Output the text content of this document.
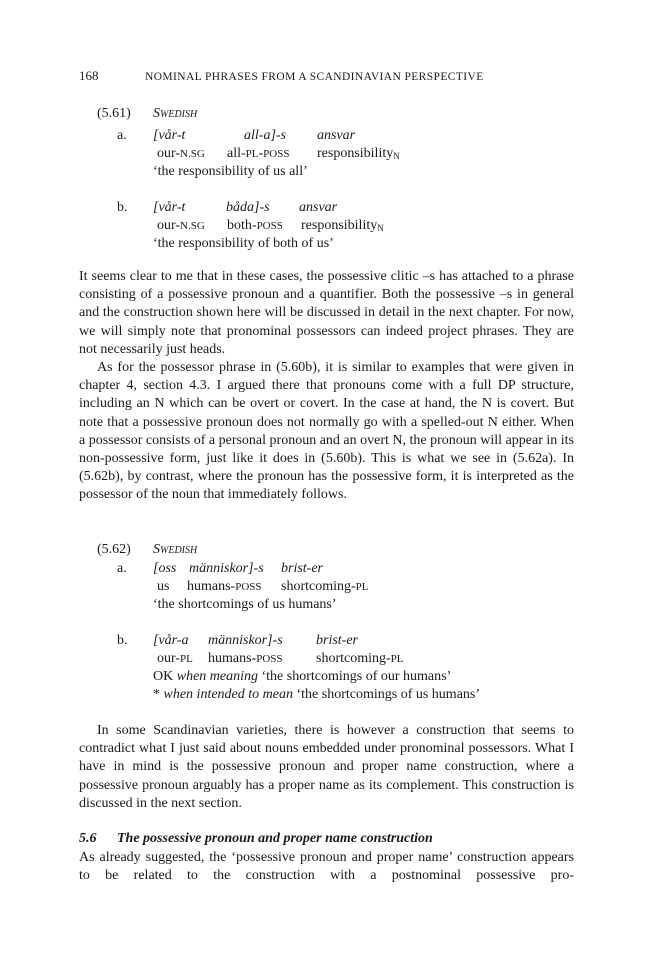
168	NOMINAL PHRASES FROM A SCANDINAVIAN PERSPECTIVE
(5.61) Swedish
a. [vår-t	all-a]-s ansvar
our-N.SG all-PL-POSS responsibilityN
‘the responsibility of us all’
b. [vår-t	båda]-s ansvar
our-N.SG both-POSS responsibilityN
‘the responsibility of both of us’

It seems clear to me that in these cases, the possessive clitic –s has attached to a phrase consisting of a possessive pronoun and a quantifier. Both the possessive –s in general and the construction shown here will be discussed in detail in the next chapter. For now, we will simply note that pronominal possessors can indeed project phrases. They are not necessarily just heads.

As for the possessor phrase in (5.60b), it is similar to examples that were given in chapter 4, section 4.3. I argued there that pronouns come with a full DP structure, including an N which can be overt or covert. In the case at hand, the N is covert. But note that a possessive pronoun does not normally go with a spelled-out N either. When a possessor consists of a personal pronoun and an overt N, the pronoun will appear in its non-possessive form, just like it does in (5.60b). This is what we see in (5.62a). In (5.62b), by contrast, where the pronoun has the possessive form, it is interpreted as the possessor of the noun that immediately follows.

(5.62) Swedish
a. [oss människor]-s brist-er
us humans-POSS shortcoming-PL
‘the shortcomings of us humans’
b. [vår-a människor]-s brist-er
our-PL humans-POSS shortcoming-PL
OK when meaning ‘the shortcomings of our humans’
* when intended to mean ‘the shortcomings of us humans’

In some Scandinavian varieties, there is however a construction that seems to contradict what I just said about nouns embedded under pronominal possessors. What I have in mind is the possessive pronoun and proper name construction, where a possessive pronoun arguably has a proper name as its complement. This construction is discussed in the next section.

5.6 The possessive pronoun and proper name construction

As already suggested, the ‘possessive pronoun and proper name’ construction appears to be related to the construction with a postnominal possessive pro-
